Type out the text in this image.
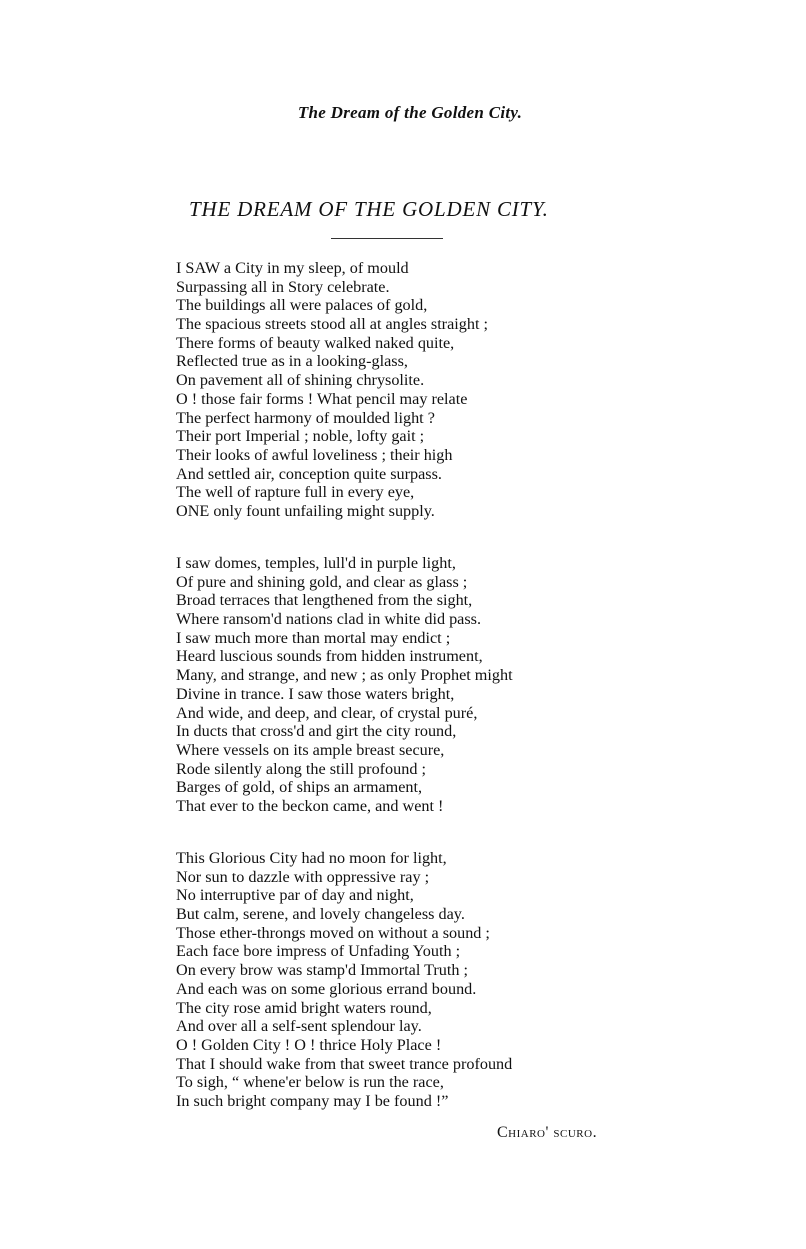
The Dream of the Golden City.
THE DREAM OF THE GOLDEN CITY.
I SAW a City in my sleep, of mould
Surpassing all in Story celebrate.
The buildings all were palaces of gold,
The spacious streets stood all at angles straight ;
There forms of beauty walked naked quite,
Reflected true as in a looking-glass,
On pavement all of shining chrysolite.
O ! those fair forms ! What pencil may relate
The perfect harmony of moulded light ?
Their port Imperial ; noble, lofty gait ;
Their looks of awful loveliness ; their high
And settled air, conception quite surpass.
The well of rapture full in every eye,
ONE only fount unfailing might supply.
I saw domes, temples, lull'd in purple light,
Of pure and shining gold, and clear as glass ;
Broad terraces that lengthened from the sight,
Where ransom'd nations clad in white did pass.
I saw much more than mortal may endict ;
Heard luscious sounds from hidden instrument,
Many, and strange, and new ; as only Prophet might
Divine in trance. I saw those waters bright,
And wide, and deep, and clear, of crystal puré,
In ducts that cross'd and girt the city round,
Where vessels on its ample breast secure,
Rode silently along the still profound ;
Barges of gold, of ships an armament,
That ever to the beckon came, and went !
This Glorious City had no moon for light,
Nor sun to dazzle with oppressive ray ;
No interruptive par of day and night,
But calm, serene, and lovely changeless day.
Those ether-throngs moved on without a sound ;
Each face bore impress of Unfading Youth ;
On every brow was stamp'd Immortal Truth ;
And each was on some glorious errand bound.
The city rose amid bright waters round,
And over all a self-sent splendour lay.
O ! Golden City ! O ! thrice Holy Place !
That I should wake from that sweet trance profound
To sigh, “ whene'er below is run the race,
In such bright company may I be found !”
Chiaro' scuro.
